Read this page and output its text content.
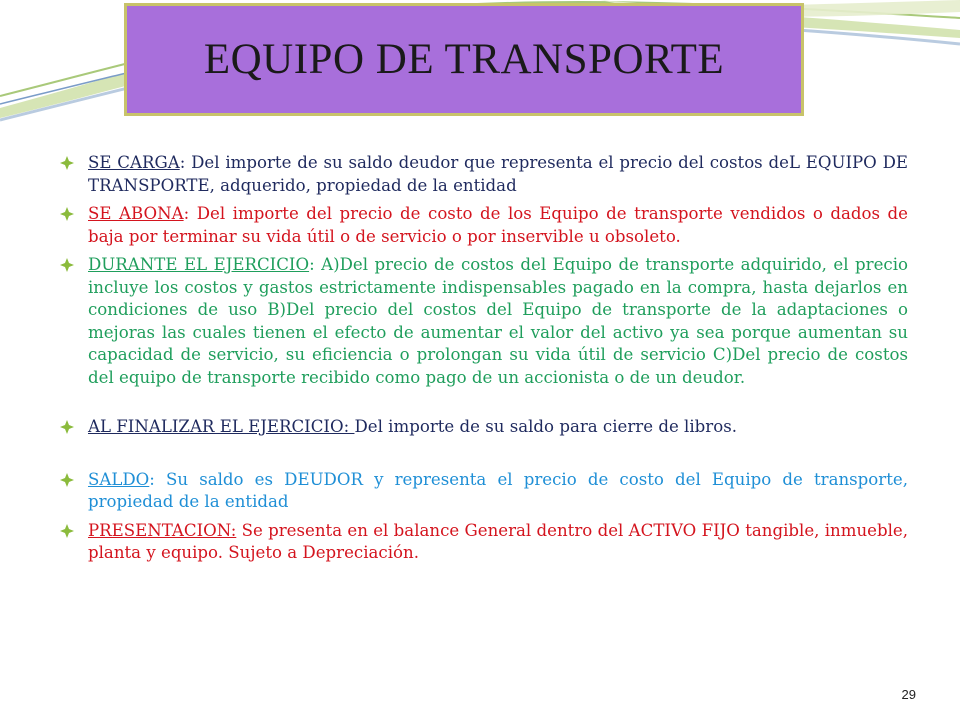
EQUIPO DE TRANSPORTE
SE CARGA: Del importe de su saldo deudor que representa el precio del costos deL EQUIPO DE TRANSPORTE, adquerido, propiedad de la entidad
SE ABONA: Del importe del precio de costo de los Equipo de transporte vendidos o dados de baja por terminar su vida útil o de servicio o por inservible u obsoleto.
DURANTE EL EJERCICIO: A)Del precio de costos del Equipo de transporte adquirido, el precio incluye los costos y gastos estrictamente indispensables pagado en la compra, hasta dejarlos en condiciones de uso B)Del precio del costos del Equipo de transporte de la adaptaciones o mejoras las cuales tienen el efecto de aumentar el valor del activo ya sea porque aumentan su capacidad de servicio, su eficiencia o prolongan su vida útil de servicio C)Del precio de costos del equipo de transporte recibido como pago de un accionista o de un deudor.
AL FINALIZAR EL EJERCICIO: Del importe de su saldo para cierre de libros.
SALDO: Su saldo es DEUDOR y representa el precio de costo del Equipo de transporte, propiedad de la entidad
PRESENTACION: Se presenta en el balance General dentro del ACTIVO FIJO tangible, inmueble, planta y equipo. Sujeto a Depreciación.
29
